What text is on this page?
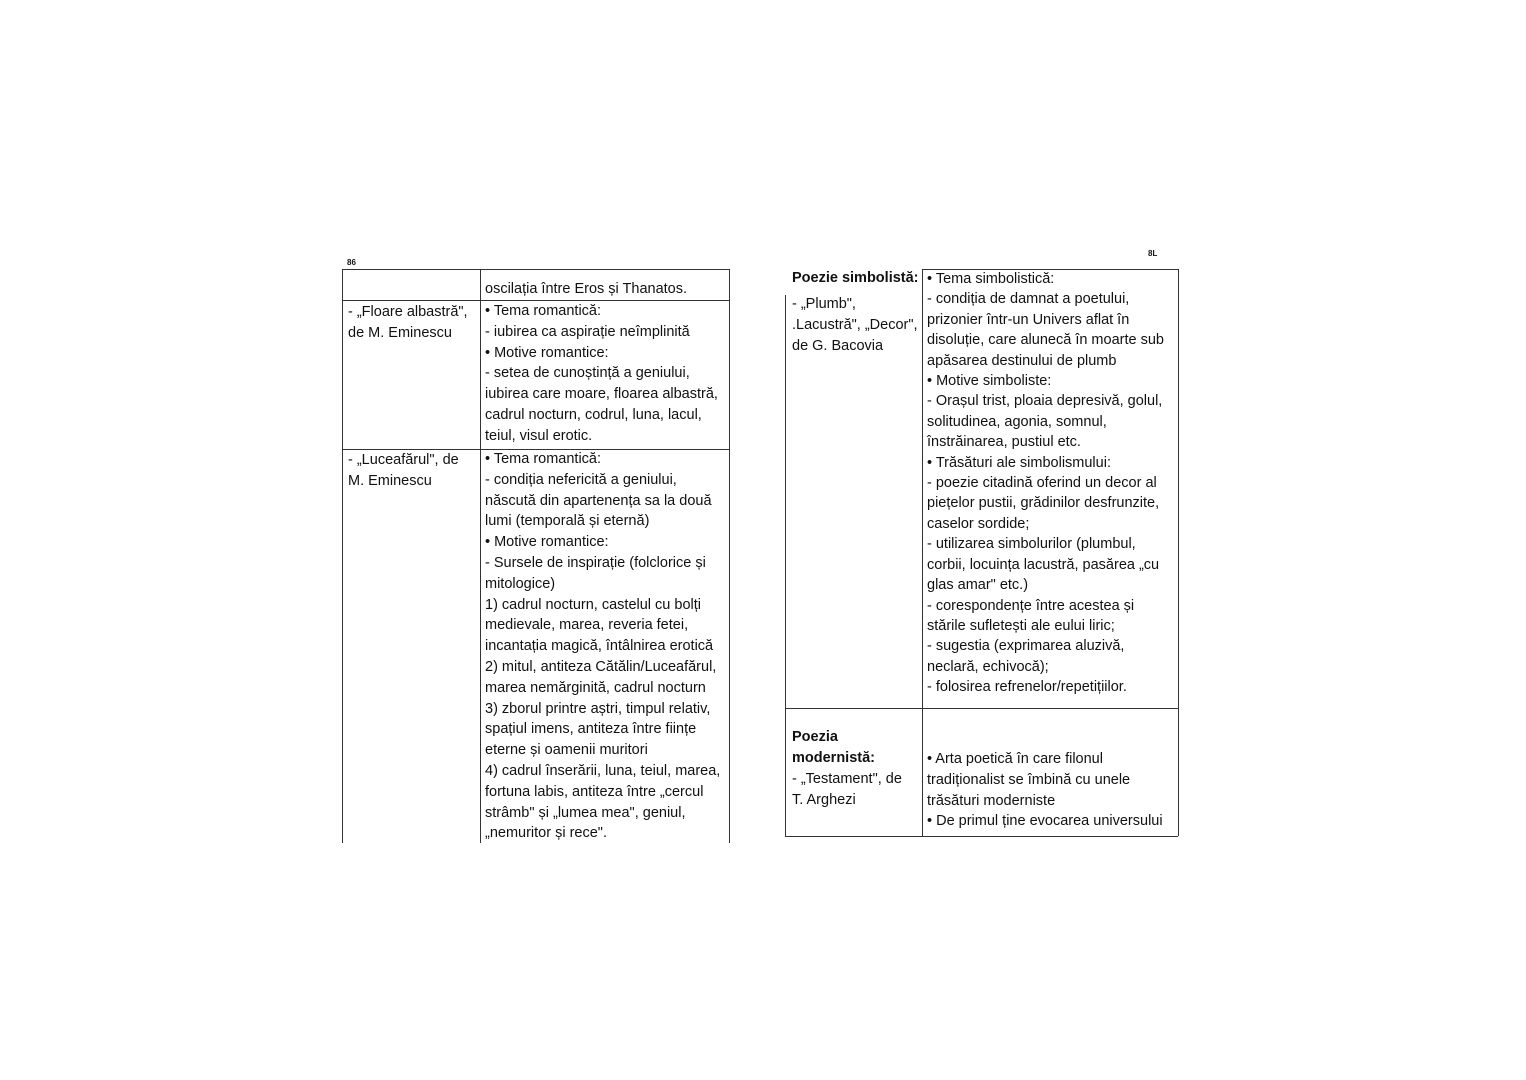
86
oscilația între Eros și Thanatos.
- „Floare albastră",
de M. Eminescu
• Tema romantică:
- iubirea ca aspirație neîmplinită
• Motive romantice:
- setea de cunoștință a geniului,
iubirea care moare, floarea albastră,
cadrul nocturn, codrul, luna, lacul,
teiul, visul erotic.
- „Luceafărul", de
M. Eminescu
• Tema romantică:
- condiția nefericită a geniului,
născută din apartenența sa la două
lumi (temporală și eternă)
• Motive romantice:
- Sursele de inspirație (folclorice și
mitologice)
1) cadrul nocturn, castelul cu bolți
medievale, marea, reveria fetei,
incantația magică, întâlnirea erotică
2) mitul, antiteza Cătălin/Luceafărul,
marea nemărginită, cadrul nocturn
3) zborul printre aștri, timpul relativ,
spațiul imens, antiteza între ființe
eterne și oamenii muritori
4) cadrul înserării, luna, teiul, marea,
fortuna labis, antiteza între „cercul
strâmb" și „lumea mea", geniul,
„nemuritor și rece".
8L
Poezie simbolistă:
- „Plumb",
.Lacustră", „Decor",
de G. Bacovia
• Tema simbolistică:
- condiția de damnat a poetului,
prizonier într-un Univers aflat în
disoluție, care alunecă în moarte sub
apăsarea destinului de plumb
• Motive simboliste:
- Orașul trist, ploaia depresivă, golul,
solitudinea, agonia, somnul,
înstrăinarea, pustiul etc.
• Trăsături ale simbolismului:
- poezie citadină oferind un decor al
piețelor pustii, grădinilor desfrunzite,
caselor sordide;
- utilizarea simbolurilor (plumbul,
corbii, locuința lacustră, pasărea „cu
glas amar" etc.)
- corespondențe între acestea și
stările sufletești ale eului liric;
- sugestia (exprimarea aluzivă,
neclară, echivocă);
- folosirea refrenelor/repetițiilor.
Poezia
modernistă:
- „Testament", de
T. Arghezi
• Arta poetică în care filonul
tradiționalist se îmbină cu unele
trăsături moderniste
• De primul ține evocarea universului
